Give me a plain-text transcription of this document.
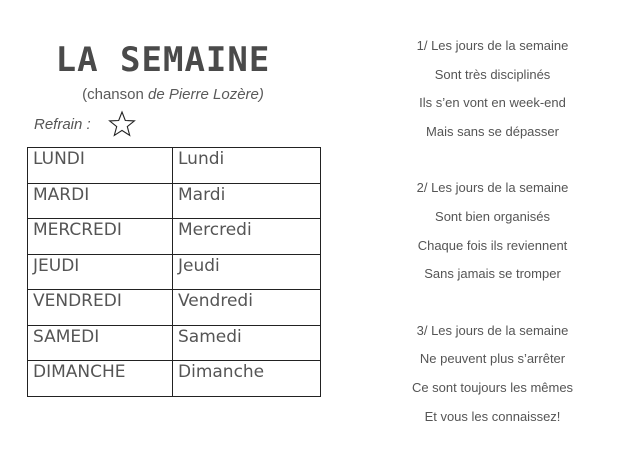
LA SEMAINE
(chanson de Pierre Lozère)
Refrain :
LUNDI	Lundi
MARDI	Mardi
MERCREDI	Mercredi
JEUDI	Jeudi
VENDREDI	Vendredi
SAMEDI	Samedi
DIMANCHE	Dimanche
1/ Les jours de la semaine
Sont très disciplinés
Ils s’en vont en week-end
Mais sans se dépasser
2/ Les jours de la semaine
Sont bien organisés
Chaque fois ils reviennent
Sans jamais se tromper
3/ Les jours de la semaine
Ne peuvent plus s’arrêter
Ce sont toujours les mêmes
Et vous les connaissez!
